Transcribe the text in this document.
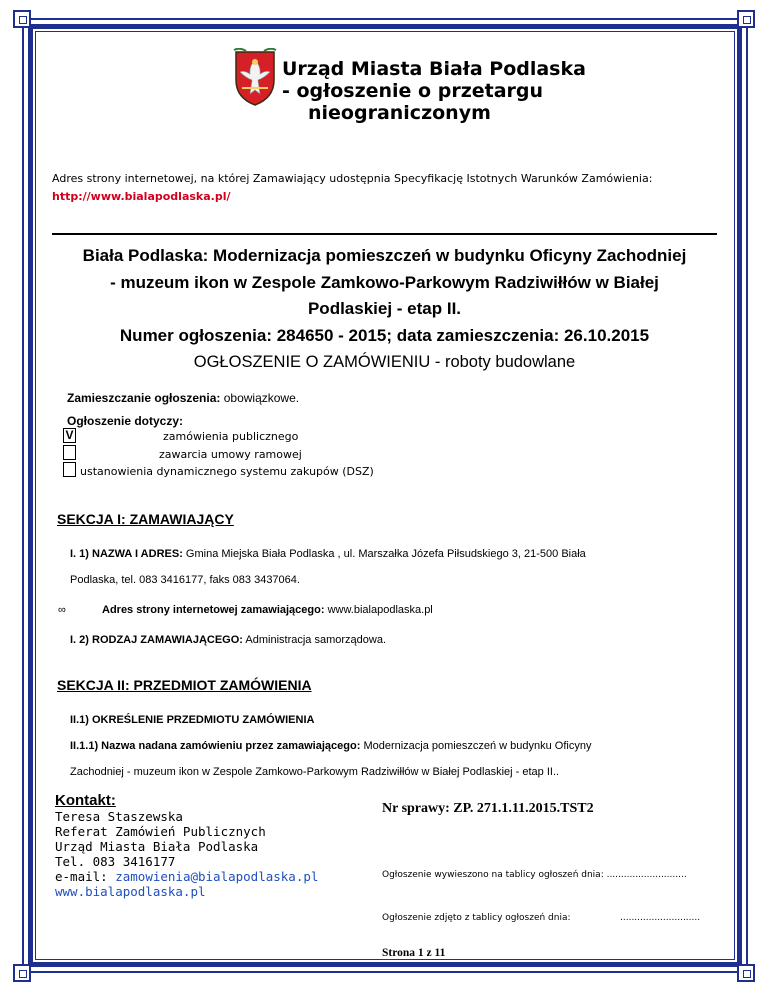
Urząd Miasta Biała Podlaska
- ogłoszenie o przetargu
nieograniczonym
Adres strony internetowej, na której Zamawiający udostępnia Specyfikację Istotnych Warunków Zamówienia:
http://www.bialapodlaska.pl/
Biała Podlaska: Modernizacja pomieszczeń w budynku Oficyny Zachodniej
- muzeum ikon w Zespole Zamkowo-Parkowym Radziwiłłów w Białej
Podlaskiej - etap II.
Numer ogłoszenia: 284650 - 2015; data zamieszczenia: 26.10.2015
OGŁOSZENIE O ZAMÓWIENIU - roboty budowlane
Zamieszczanie ogłoszenia: obowiązkowe.
Ogłoszenie dotyczy:
V	zamówienia publicznego
zawarcia umowy ramowej
ustanowienia dynamicznego systemu zakupów (DSZ)
SEKCJA I: ZAMAWIAJĄCY
I. 1) NAZWA I ADRES: Gmina Miejska Biała Podlaska , ul. Marszałka Józefa Piłsudskiego 3, 21-500 Biała
Podlaska, tel. 083 3416177, faks 083 3437064.
∞	Adres strony internetowej zamawiającego: www.bialapodlaska.pl
I. 2) RODZAJ ZAMAWIAJĄCEGO: Administracja samorządowa.
SEKCJA II: PRZEDMIOT ZAMÓWIENIA
II.1) OKREŚLENIE PRZEDMIOTU ZAMÓWIENIA
II.1.1) Nazwa nadana zamówieniu przez zamawiającego: Modernizacja pomieszczeń w budynku Oficyny
Zachodniej - muzeum ikon w Zespole Zamkowo-Parkowym Radziwiłłów w Białej Podlaskiej - etap II..
Kontakt:
Teresa Staszewska
Referat Zamówień Publicznych
Urząd Miasta Biała Podlaska
Tel. 083 3416177
e-mail: zamowienia@bialapodlaska.pl
www.bialapodlaska.pl
Nr sprawy: ZP. 271.1.11.2015.TST2
Ogłoszenie wywieszono na tablicy ogłoszeń dnia: ............................
Ogłoszenie zdjęto z tablicy ogłoszeń dnia:	............................
Strona 1 z 11
